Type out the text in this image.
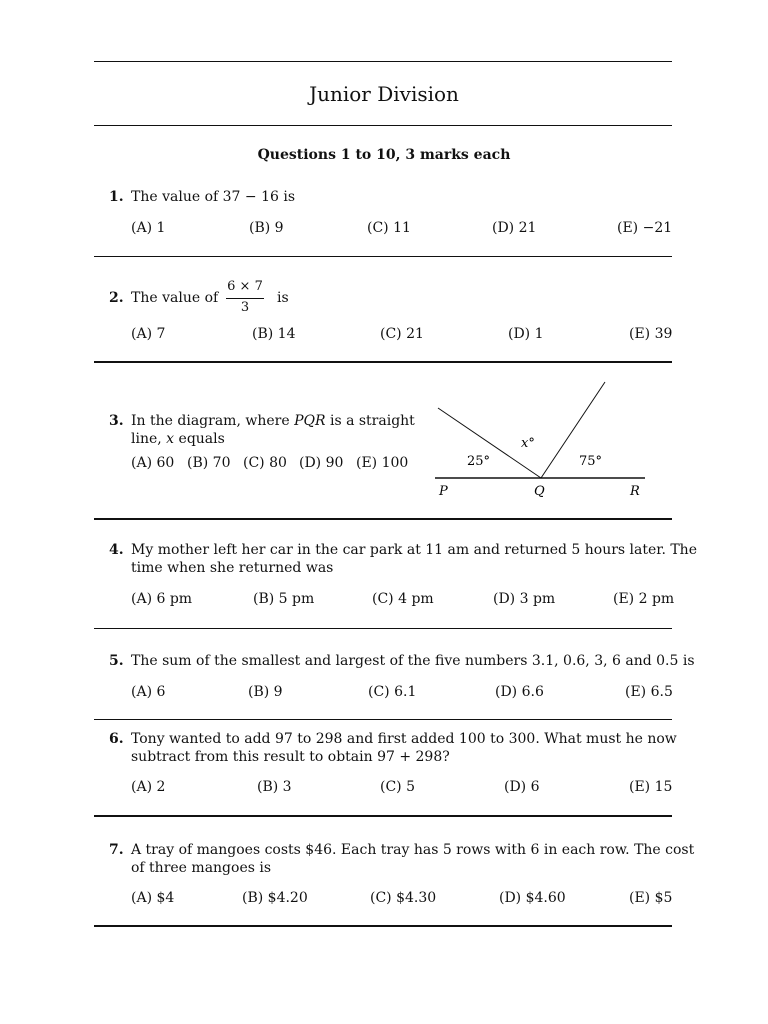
Junior Division
Questions 1 to 10, 3 marks each
1. The value of 37 − 16 is
(A) 1	(B) 9	(C) 11	(D) 21	(E) −21
2. The value of
6 × 7
3
is
(A) 7	(B) 14	(C) 21	(D) 1	(E) 39
3. In the diagram, where PQR is a straight
line, x equals
(A) 60 (B) 70 (C) 80 (D) 90 (E) 100	25°
x°
75°
P	Q	R
4. My mother left her car in the car park at 11 am and returned 5 hours later. The
time when she returned was
(A) 6 pm	(B) 5 pm	(C) 4 pm	(D) 3 pm	(E) 2 pm
5. The sum of the smallest and largest of the five numbers 3.1, 0.6, 3, 6 and 0.5 is
(A) 6	(B) 9	(C) 6.1	(D) 6.6	(E) 6.5
6. Tony wanted to add 97 to 298 and first added 100 to 300. What must he now
subtract from this result to obtain 97 + 298?
(A) 2	(B) 3	(C) 5	(D) 6	(E) 15
7. A tray of mangoes costs $46. Each tray has 5 rows with 6 in each row. The cost
of three mangoes is
(A) $4	(B) $4.20	(C) $4.30	(D) $4.60	(E) $5
